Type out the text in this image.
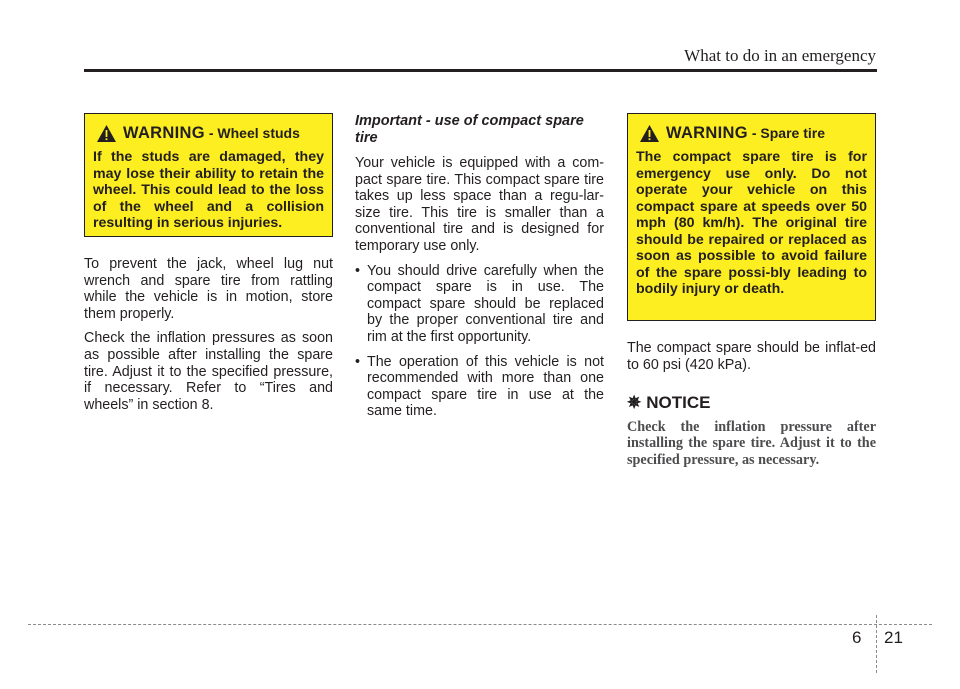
What to do in an emergency
WARNING - Wheel studs

If the studs are damaged, they may lose their ability to retain the wheel. This could lead to the loss of the wheel and a collision resulting in serious injuries.

To prevent the jack, wheel lug nut wrench and spare tire from rattling while the vehicle is in motion, store them properly.

Check the inflation pressures as soon as possible after installing the spare tire. Adjust it to the specified pressure, if necessary. Refer to “Tires and wheels” in section 8.

Important - use of compact spare tire

Your vehicle is equipped with a com-pact spare tire. This compact spare tire takes up less space than a regu-lar-size tire. This tire is smaller than a conventional tire and is designed for temporary use only.

• You should drive carefully when the compact spare is in use. The compact spare should be replaced by the proper conventional tire and rim at the first opportunity.
• The operation of this vehicle is not recommended with more than one compact spare tire in use at the same time.
WARNING - Spare tire

The compact spare tire is for emergency use only. Do not operate your vehicle on this compact spare at speeds over 50 mph (80 km/h). The original tire should be repaired or replaced as soon as possible to avoid failure of the spare possi-bly leading to bodily injury or death.

The compact spare should be inflat-ed to 60 psi (420 kPa).

✵ NOTICE

Check the inflation pressure after installing the spare tire. Adjust it to the specified pressure, as necessary.

6 21
